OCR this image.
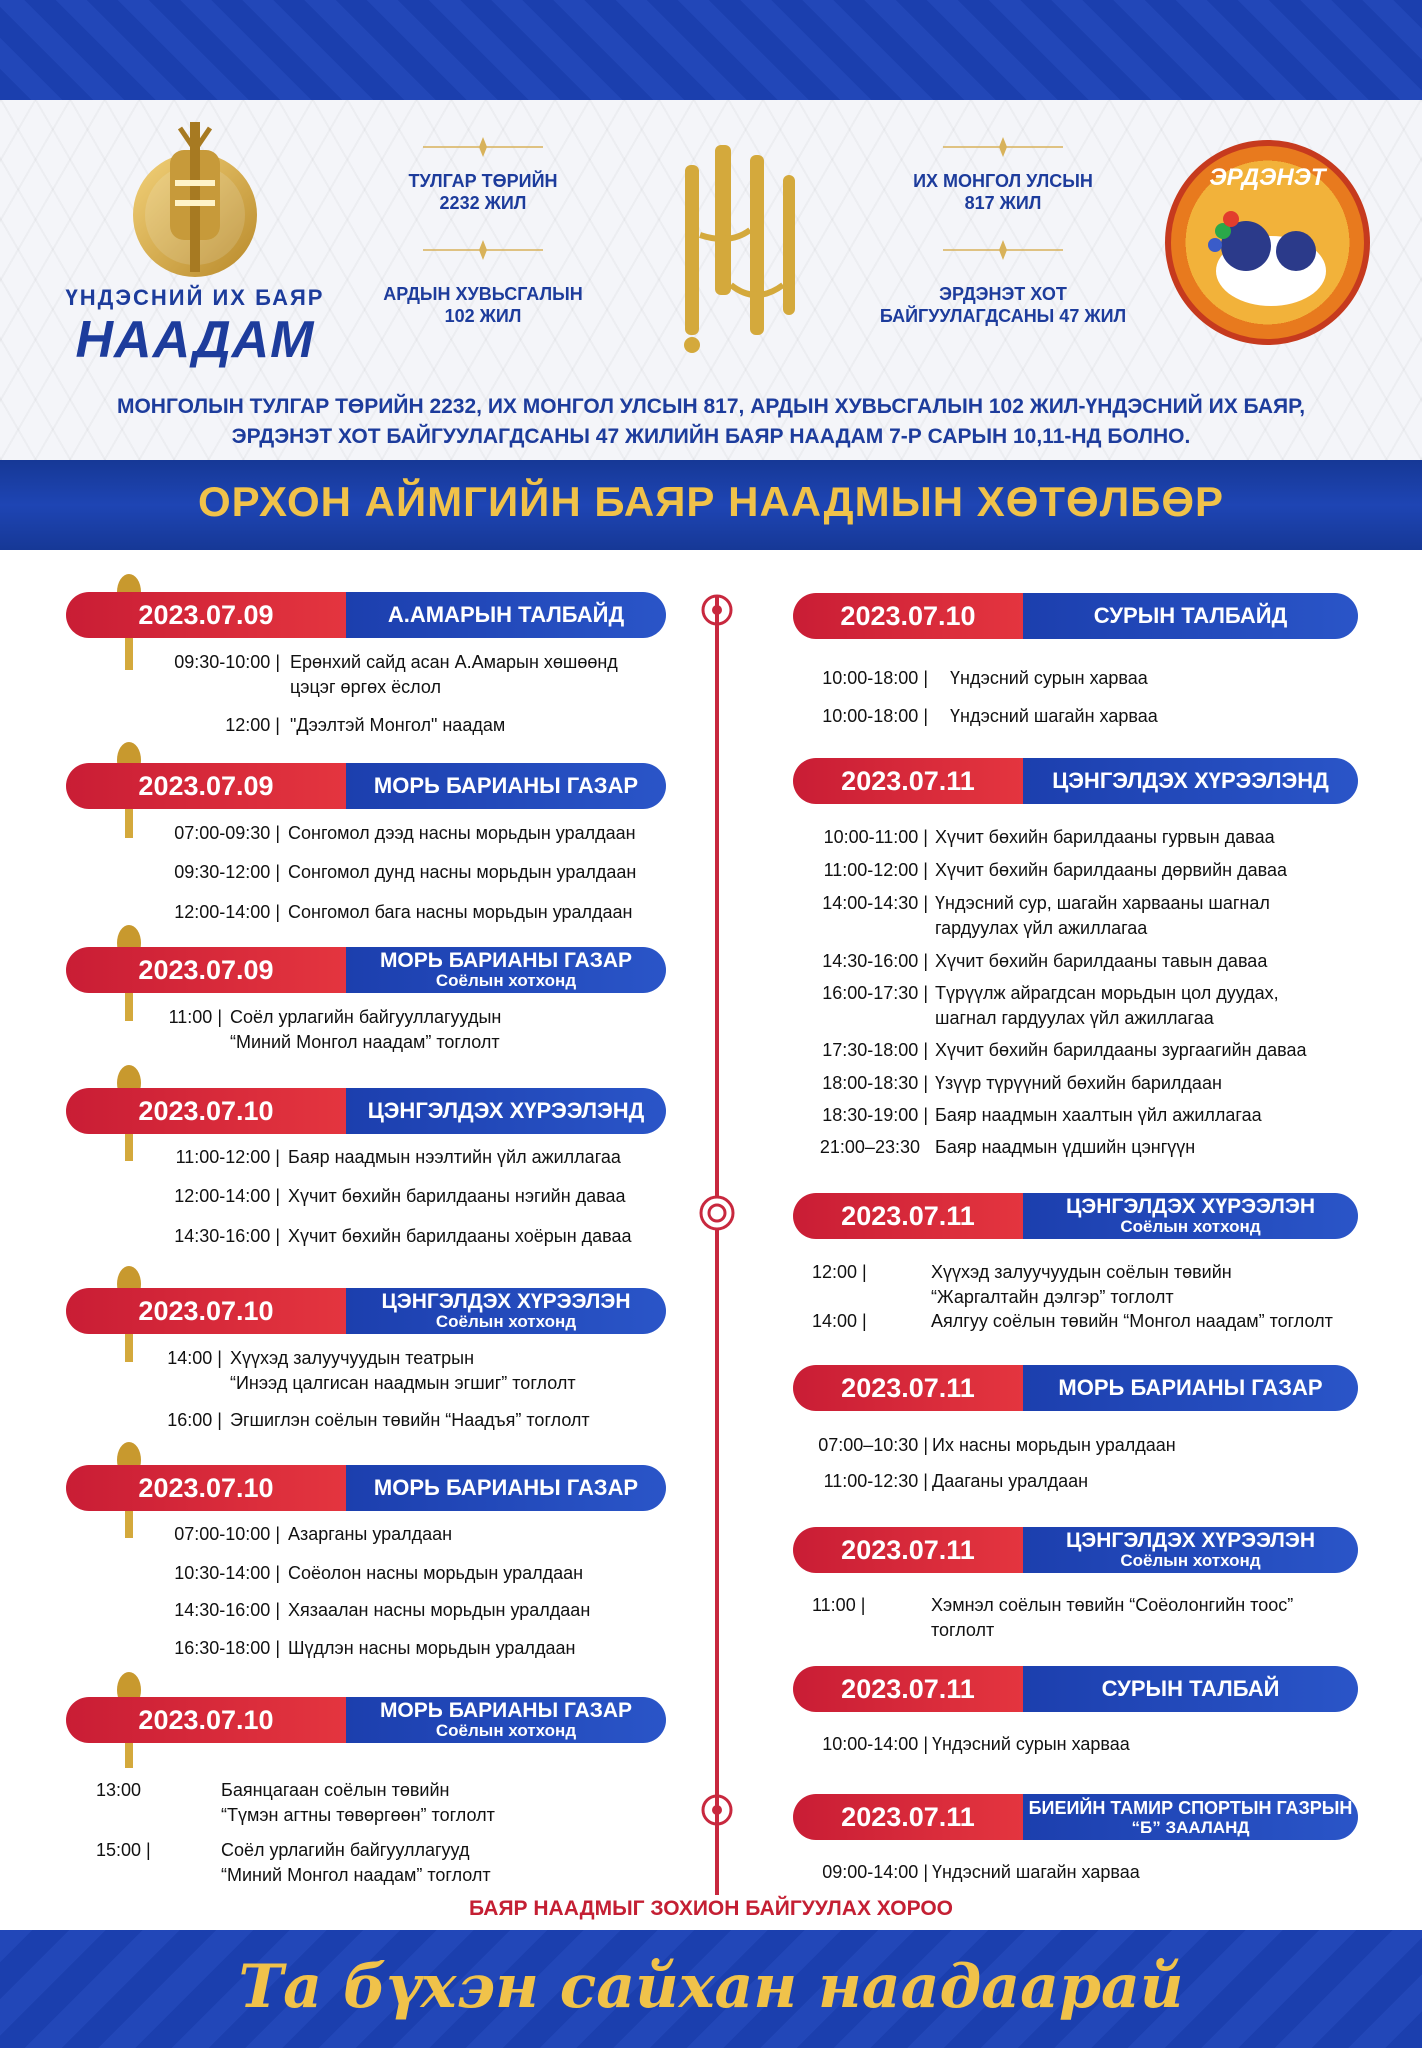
ҮНДЭСНИЙ ИХ БАЯР
НААДАМ
ТУЛГАР ТӨРИЙН
2232 ЖИЛ
АРДЫН ХУВЬСГАЛЫН
102 ЖИЛ
ИХ МОНГОЛ УЛСЫН
817 ЖИЛ
ЭРДЭНЭТ ХОТ
БАЙГУУЛАГДСАНЫ 47 ЖИЛ
ЭРДЭНЭТ
МОНГОЛЫН ТУЛГАР ТӨРИЙН 2232, ИХ МОНГОЛ УЛСЫН 817, АРДЫН ХУВЬСГАЛЫН 102 ЖИЛ-ҮНДЭСНИЙ ИХ БАЯР,
ЭРДЭНЭТ ХОТ БАЙГУУЛАГДСАНЫ 47 ЖИЛИЙН БАЯР НААДАМ 7-Р САРЫН 10,11-НД БОЛНО.
ОРХОН АЙМГИЙН БАЯР НААДМЫН ХӨТӨЛБӨР
2023.07.09	А.АМАРЫН ТАЛБАЙД
09:30-10:00 | Ерөнхий сайд асан А.Амарын хөшөөнд
цэцэг өргөх ёслол
12:00 | "Дээлтэй Монгол" наадам
2023.07.09	МОРЬ БАРИАНЫ ГАЗАР
07:00-09:30 | Сонгомол дээд насны морьдын уралдаан
09:30-12:00 | Сонгомол дунд насны морьдын уралдаан
12:00-14:00 | Сонгомол бага насны морьдын уралдаан
2023.07.09	МОРЬ БАРИАНЫ ГАЗАР
Соёлын хотхонд
11:00 | Соёл урлагийн байгууллагуудын
“Миний Монгол наадам” тоглолт
2023.07.10	ЦЭНГЭЛДЭХ ХҮРЭЭЛЭНД
11:00-12:00 | Баяр наадмын нээлтийн үйл ажиллагаа
12:00-14:00 | Хүчит бөхийн барилдааны нэгийн даваа
14:30-16:00 | Хүчит бөхийн барилдааны хоёрын даваа
2023.07.10	ЦЭНГЭЛДЭХ ХҮРЭЭЛЭН
Соёлын хотхонд
14:00 | Хүүхэд залуучуудын театрын
“Инээд цалгисан наадмын эгшиг” тоглолт
16:00 | Эгшиглэн соёлын төвийн “Наадъя” тоглолт
2023.07.10	МОРЬ БАРИАНЫ ГАЗАР
07:00-10:00 | Азарганы уралдаан
10:30-14:00 | Соёолон насны морьдын уралдаан
14:30-16:00 | Хязаалан насны морьдын уралдаан
16:30-18:00 | Шүдлэн насны морьдын уралдаан
2023.07.10	МОРЬ БАРИАНЫ ГАЗАР
Соёлын хотхонд
13:00	Баянцагаан соёлын төвийн
“Түмэн агтны төвөргөөн” тоглолт
15:00 |	Соёл урлагийн байгууллагууд
“Миний Монгол наадам” тоглолт
2023.07.10	СУРЫН ТАЛБАЙД
10:00-18:00 | Үндэсний сурын харваа
10:00-18:00 | Үндэсний шагайн харваа
2023.07.11	ЦЭНГЭЛДЭХ ХҮРЭЭЛЭНД
10:00-11:00 | Хүчит бөхийн барилдааны гурвын даваа
11:00-12:00 | Хүчит бөхийн барилдааны дөрвийн даваа
14:00-14:30 | Үндэсний сур, шагайн харвааны шагнал
гардуулах үйл ажиллагаа
14:30-16:00 | Хүчит бөхийн барилдааны тавын даваа
16:00-17:30 | Түрүүлж айрагдсан морьдын цол дуудах,
шагнал гардуулах үйл ажиллагаа
17:30-18:00 | Хүчит бөхийн барилдааны зургаагийн даваа
18:00-18:30 | Үзүүр түрүүний бөхийн барилдаан
18:30-19:00 | Баяр наадмын хаалтын үйл ажиллагаа
21:00–23:30 Баяр наадмын үдшийн цэнгүүн
2023.07.11	ЦЭНГЭЛДЭХ ХҮРЭЭЛЭН
Соёлын хотхонд
12:00 |	Хүүхэд залуучуудын соёлын төвийн
“Жаргалтайн дэлгэр” тоглолт
14:00 |	Аялгуу соёлын төвийн “Монгол наадам” тоглолт
2023.07.11	МОРЬ БАРИАНЫ ГАЗАР
07:00–10:30 | Их насны морьдын уралдаан
11:00-12:30 | Дааганы уралдаан
2023.07.11	ЦЭНГЭЛДЭХ ХҮРЭЭЛЭН
Соёлын хотхонд
11:00 |	Хэмнэл соёлын төвийн “Соёолонгийн тоос”
тоглолт
2023.07.11	СУРЫН ТАЛБАЙ
10:00-14:00 | Үндэсний сурын харваа
2023.07.11	БИЕИЙН ТАМИР СПОРТЫН ГАЗРЫН
“Б” ЗААЛАНД
09:00-14:00 | Үндэсний шагайн харваа
БАЯР НААДМЫГ ЗОХИОН БАЙГУУЛАХ ХОРОО
Та бүхэн сайхан наадаарай
